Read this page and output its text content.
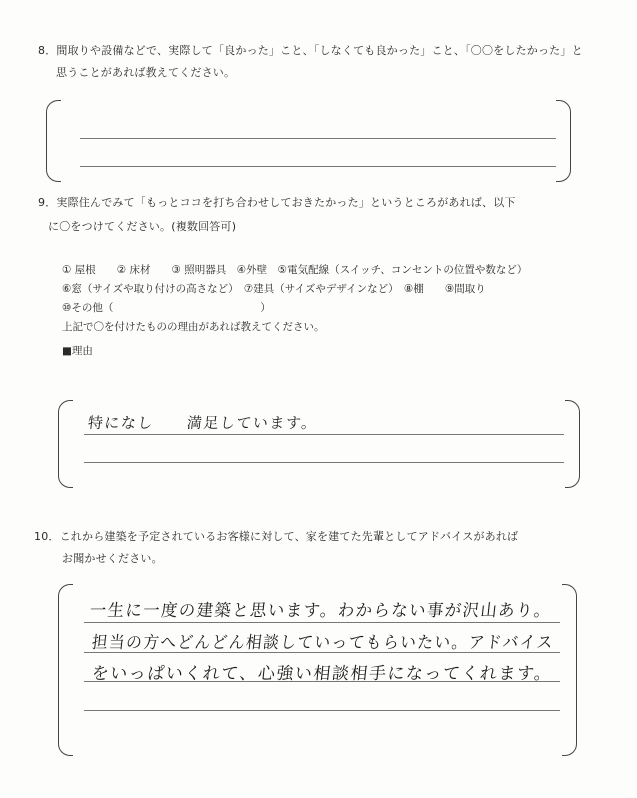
8．間取りや設備などで、実際して「良かった」こと、「しなくても良かった」こと、「〇〇をしたかった」と
思うことがあれば教えてください。
9．実際住んでみて「もっとココを打ち合わせしておきたかった」というところがあれば、以下
に〇をつけてください。(複数回答可)
① 屋根　　② 床材　　③ 照明器具　④外壁　⑤電気配線（スイッチ、コンセントの位置や数など）
⑥窓（サイズや取り付けの高さなど）　⑦建具（サイズやデザインなど）　⑧棚　　⑨間取り
⑩その他（　　　　　　　　　　　　　　）
上記で〇を付けたものの理由があれば教えてください。
■理由
特になし　　満足しています。
10．これから建築を予定されているお客様に対して、家を建てた先輩としてアドバイスがあれば
お聞かせください。
一生に一度の建築と思います。わからない事が沢山あり。
担当の方へどんどん相談していってもらいたい。アドバイス
をいっぱいくれて、心強い相談相手になってくれます。
